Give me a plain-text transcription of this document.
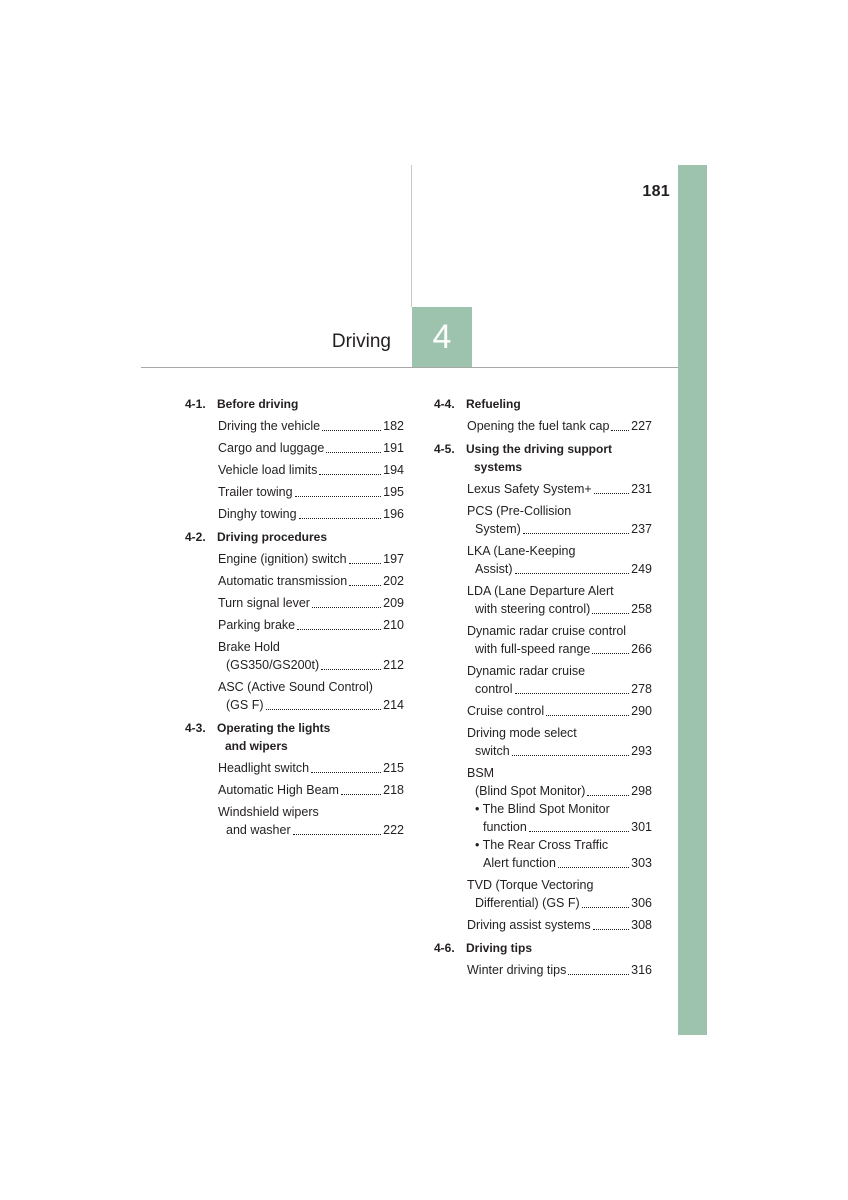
181
Driving	4
4-1. Before driving
Driving the vehicle	182
Cargo and luggage	191
Vehicle load limits	194
Trailer towing	195
Dinghy towing	196
4-2. Driving procedures
Engine (ignition) switch	197
Automatic transmission	202
Turn signal lever	209
Parking brake	210
Brake Hold
(GS350/GS200t)	212
ASC (Active Sound Control)
(GS F)	214
4-3. Operating the lights
and wipers
Headlight switch	215
Automatic High Beam	218
Windshield wipers
and washer	222
4-4. Refueling
Opening the fuel tank cap 227
4-5. Using the driving support
systems
Lexus Safety System+	231
PCS (Pre-Collision
System)	237
LKA (Lane-Keeping
Assist)	249
LDA (Lane Departure Alert
with steering control)	258
Dynamic radar cruise control
with full-speed range	266
Dynamic radar cruise
control	278
Cruise control	290
Driving mode select
switch	293
BSM
(Blind Spot Monitor)	298
• The Blind Spot Monitor
function	301
• The Rear Cross Traffic
Alert function	303
TVD (Torque Vectoring
Differential) (GS F)	306
Driving assist systems	308
4-6. Driving tips
Winter driving tips	316
